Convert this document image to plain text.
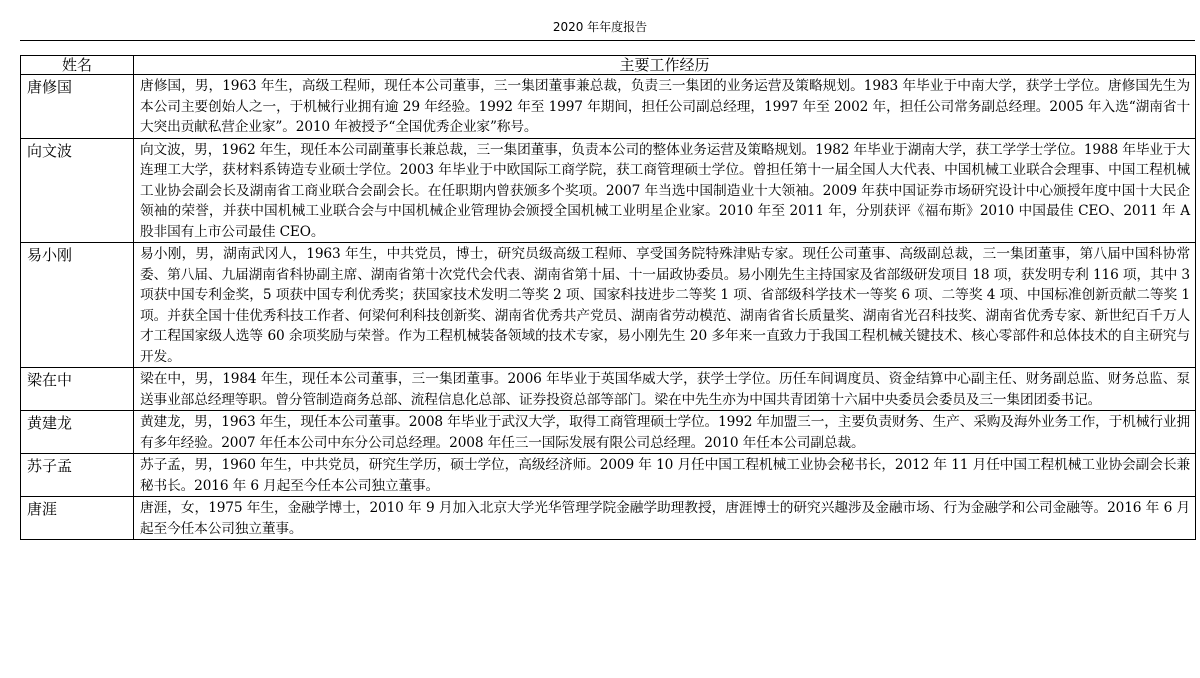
2020 年年度报告
姓名	主要工作经历
唐修国	唐修国，男，1963 年生，高级工程师，现任本公司董事，三一集团董事兼总裁，负责三一集团的业务运营及策略规划。1983 年毕业于中南大学，获学士学位。唐修国先生为本公司主要创始人之一，于机械行业拥有逾 29 年经验。1992 年至 1997 年期间，担任公司副总经理，1997 年至 2002 年，担任公司常务副总经理。2005 年入选“湖南省十大突出贡献私营企业家”。2010 年被授予“全国优秀企业家”称号。
向文波	向文波，男，1962 年生，现任本公司副董事长兼总裁，三一集团董事，负责本公司的整体业务运营及策略规划。1982 年毕业于湖南大学，获工学学士学位。1988 年毕业于大连理工大学，获材料系铸造专业硕士学位。2003 年毕业于中欧国际工商学院，获工商管理硕士学位。曾担任第十一届全国人大代表、中国机械工业联合会理事、中国工程机械工业协会副会长及湖南省工商业联合会副会长。在任职期内曾获颁多个奖项。2007 年当选中国制造业十大领袖。2009 年获中国证券市场研究设计中心颁授年度中国十大民企领袖的荣誉，并获中国机械工业联合会与中国机械企业管理协会颁授全国机械工业明星企业家。2010 年至 2011 年，分别获评《福布斯》2010 中国最佳 CEO、2011 年 A 股非国有上市公司最佳 CEO。
易小刚	易小刚，男，湖南武冈人，1963 年生，中共党员，博士，研究员级高级工程师、享受国务院特殊津贴专家。现任公司董事、高级副总裁，三一集团董事，第八届中国科协常委、第八届、九届湖南省科协副主席、湖南省第十次党代会代表、湖南省第十届、十一届政协委员。易小刚先生主持国家及省部级研发项目 18 项，获发明专利 116 项，其中 3 项获中国专利金奖，5 项获中国专利优秀奖；获国家技术发明二等奖 2 项、国家科技进步二等奖 1 项、省部级科学技术一等奖 6 项、二等奖 4 项、中国标准创新贡献二等奖 1 项。并获全国十佳优秀科技工作者、何梁何利科技创新奖、湖南省优秀共产党员、湖南省劳动模范、湖南省省长质量奖、湖南省光召科技奖、湖南省优秀专家、新世纪百千万人才工程国家级人选等 60 余项奖励与荣誉。作为工程机械装备领域的技术专家，易小刚先生 20 多年来一直致力于我国工程机械关键技术、核心零部件和总体技术的自主研究与开发。
梁在中	梁在中，男，1984 年生，现任本公司董事，三一集团董事。2006 年毕业于英国华威大学，获学士学位。历任车间调度员、资金结算中心副主任、财务副总监、财务总监、泵送事业部总经理等职。曾分管制造商务总部、流程信息化总部、证券投资总部等部门。梁在中先生亦为中国共青团第十六届中央委员会委员及三一集团团委书记。
黄建龙	黄建龙，男，1963 年生，现任本公司董事。2008 年毕业于武汉大学，取得工商管理硕士学位。1992 年加盟三一，主要负责财务、生产、采购及海外业务工作，于机械行业拥有多年经验。2007 年任本公司中东分公司总经理。2008 年任三一国际发展有限公司总经理。2010 年任本公司副总裁。
苏子孟	苏子孟，男，1960 年生，中共党员，研究生学历，硕士学位，高级经济师。2009 年 10 月任中国工程机械工业协会秘书长，2012 年 11 月任中国工程机械工业协会副会长兼秘书长。2016 年 6 月起至今任本公司独立董事。
唐涯	唐涯，女，1975 年生，金融学博士，2010 年 9 月加入北京大学光华管理学院金融学助理教授，唐涯博士的研究兴趣涉及金融市场、行为金融学和公司金融等。2016 年 6 月起至今任本公司独立董事。
